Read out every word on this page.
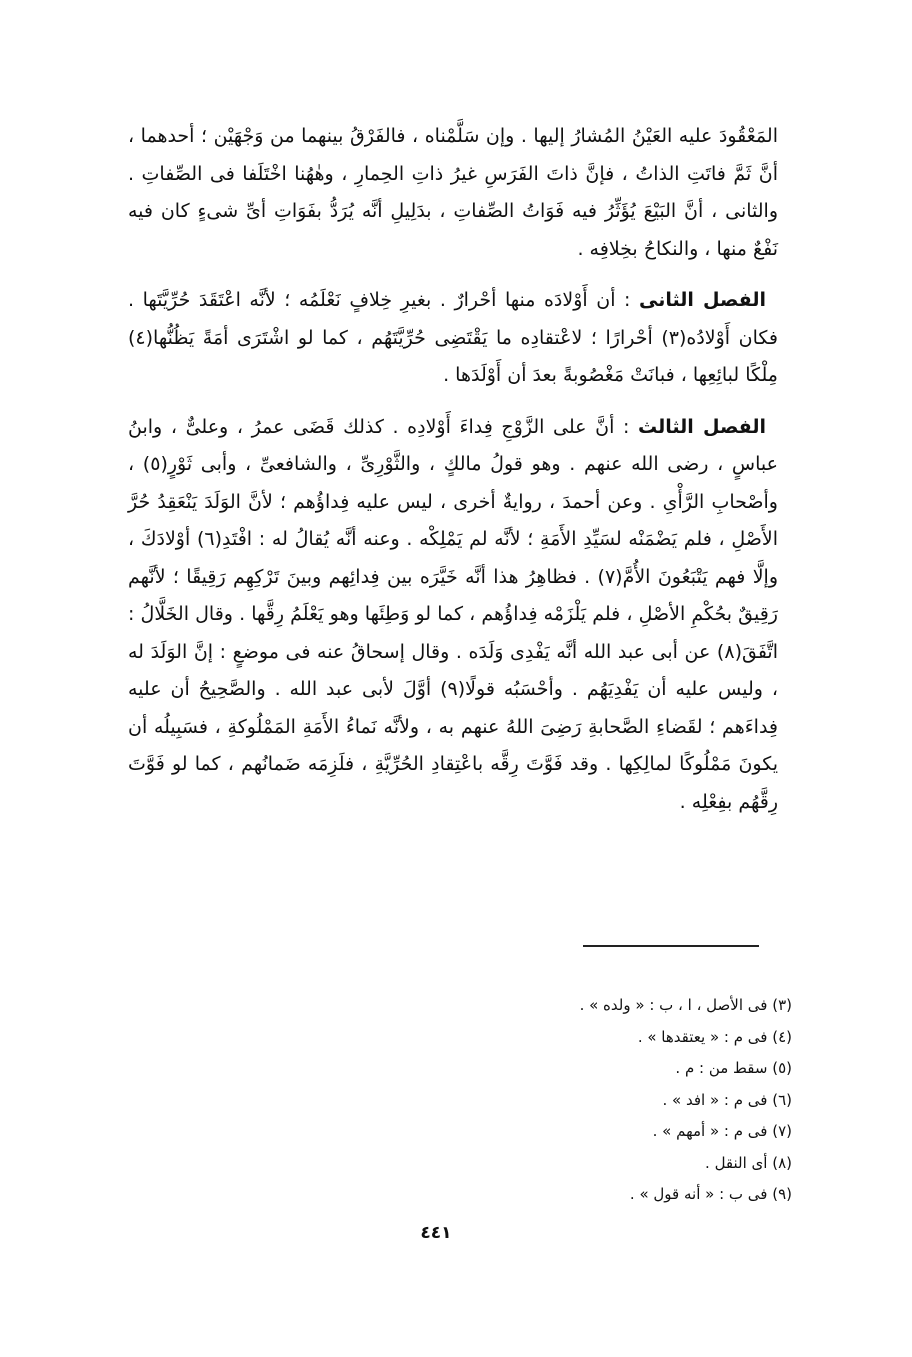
المَعْقُودَ عليه العَيْنُ المُشارُ إليها . وإن سَلَّمْناه ، فالفَرْقُ بينهما من وَجْهَيْن ؛ أحدهما ، أنَّ ثَمَّ فاتَتِ الذاتُ ، فإنَّ ذاتَ الفَرَسِ غيرُ ذاتِ الحِمارِ ، وهٰهُنا اخْتَلَفا فى الصِّفاتِ . والثانى ، أنَّ البَيْعَ يُؤَثِّرُ فيه فَوَاتُ الصِّفاتِ ، بدَلِيلِ أنَّه يُرَدُّ بفَوَاتِ أىِّ شىءٍ كان فيه نَفْعٌ منها ، والنكاحُ بخِلافِه .

الفصل الثانى : أن أَوْلادَه منها أحْرارٌ . بغيرِ خِلافٍ نَعْلَمُه ؛ لأنَّه اعْتَقَدَ حُرِّيَّتَها . فكان أَوْلادُه(٣) أحْرارًا ؛ لاعْتقادِه ما يَقْتَضِى حُرِّيَّتَهُم ، كما لو اشْتَرَى أمَةً يَظُنُّها(٤) مِلْكًا لبائِعِها ، فبانَتْ مَغْصُوبةً بعدَ أن أَوْلَدَها .

الفصل الثالث : أنَّ على الزَّوْجِ فِداءَ أَوْلادِه . كذلك قَضَى عمرُ ، وعلىٌّ ، وابنُ عباسٍ ، رضى الله عنهم . وهو قولُ مالكٍ ، والثَّوْرِىِّ ، والشافعىِّ ، وأبى ثَوْرٍ(٥) ، وأصْحابِ الرَّأْىِ . وعن أحمدَ ، روايةٌ أخرى ، ليس عليه فِداؤُهم ؛ لأنَّ الوَلَدَ يَنْعَقِدُ حُرَّ الأَصْلِ ، فلم يَضْمَنْه لسَيِّدِ الأَمَةِ ؛ لأنَّه لم يَمْلِكْه . وعنه أنَّه يُقالُ له : افْتَدِ(٦) أوْلادَكَ ، وإلَّا فهم يَتْبَعُونَ الأُمَّ(٧) . فظاهِرُ هذا أنَّه خَيَّرَه بين فِدائِهم وبينَ تَرْكِهِم رَقِيقًا ؛ لأنَّهم رَقِيقٌ بحُكْمِ الأصْلِ ، فلم يَلْزَمْه فِداؤُهم ، كما لو وَطِئَها وهو يَعْلَمُ رِقَّها . وقال الخَلَّالُ : اتَّفَقَ(٨) عن أبى عبد الله أنَّه يَفْدِى وَلَدَه . وقال إسحاقُ عنه فى موضعٍ : إنَّ الوَلَدَ له ، وليس عليه أن يَفْدِيَهُم . وأحْسَبُه قولًا(٩) أوَّلَ لأبى عبد الله . والصَّحِيحُ أن عليه فِداءَهم ؛ لقَضاءِ الصَّحابةِ رَضِىَ اللهُ عنهم به ، ولأنَّه نَماءُ الأَمَةِ المَمْلُوكةِ ، فسَبِيلُه أن يكونَ مَمْلُوكًا لمالِكِها . وقد فَوَّتَ رِقَّه باعْتِقادِ الحُرِّيَّةِ ، فلَزِمَه ضَمانُهم ، كما لو فَوَّتَ رِقَّهُم بفِعْلِه .

(٣) فى الأصل ، ا ، ب : « ولده » .

(٤) فى م : « يعتقدها » .

(٥) سقط من : م .

(٦) فى م : « افد » .

(٧) فى م : « أمهم » .

(٨) أى النقل .

(٩) فى ب : « أنه قول » .

٤٤١
